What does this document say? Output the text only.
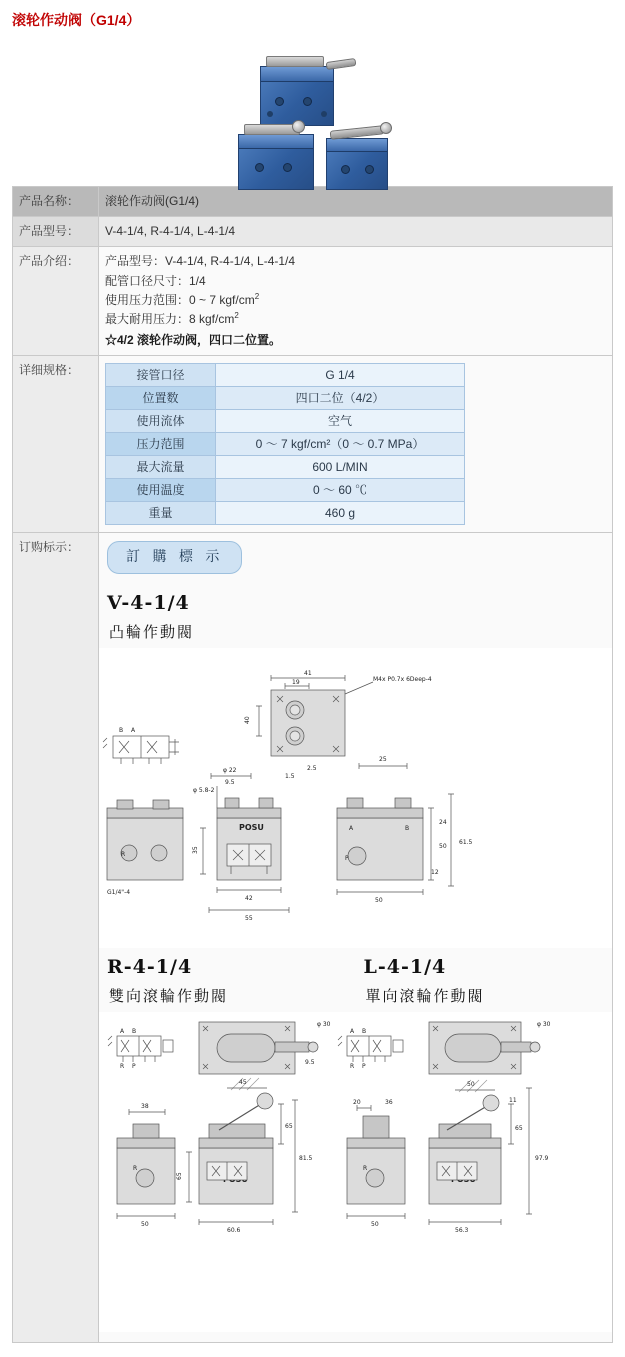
滚轮作动阀（G1/4）
产品名称：	滚轮作动阀(G1/4)
产品型号：	V-4-1/4, R-4-1/4, L-4-1/4
产品介绍：	产品型号：V-4-1/4, R-4-1/4, L-4-1/4
配管口径尺寸：1/4
使用压力范围：0 ~ 7 kgf/$cm^2$
最大耐用压力：8 kgf/$cm^2$
☆4/2 滚轮作动阀，四口二位置。
详细规格：	接管口径	G 1/4
位置数	四口二位（4/2）
使用流体	空气
压力范围	0 ～ 7 kgf/cm²（0 ～ 0.7 MPa）
最大流量	600 L/MIN
使用温度	0 ～ 60 ℃
重量	460 g
订购标示：
訂 購 標 示
V-4-1/4
凸輪作動閥
41
19
40
M4x P0.7x 6Deep-4
G1/4"-4
R
POSU
φ 22
9.5
φ 5.8-2
1.5
2.5
42
55
35
A	B
P
50
50
61.5
24
12
25
B A
R-4-1/4
雙向滾輪作動閥
L-4-1/4
單向滾輪作動閥
φ 30
9.5
A B
R P
R
50
38
45
65
81.5
65
60.6
φ 30
A B
R P
R
50
20	36
50
11
65
97.9
56.3
